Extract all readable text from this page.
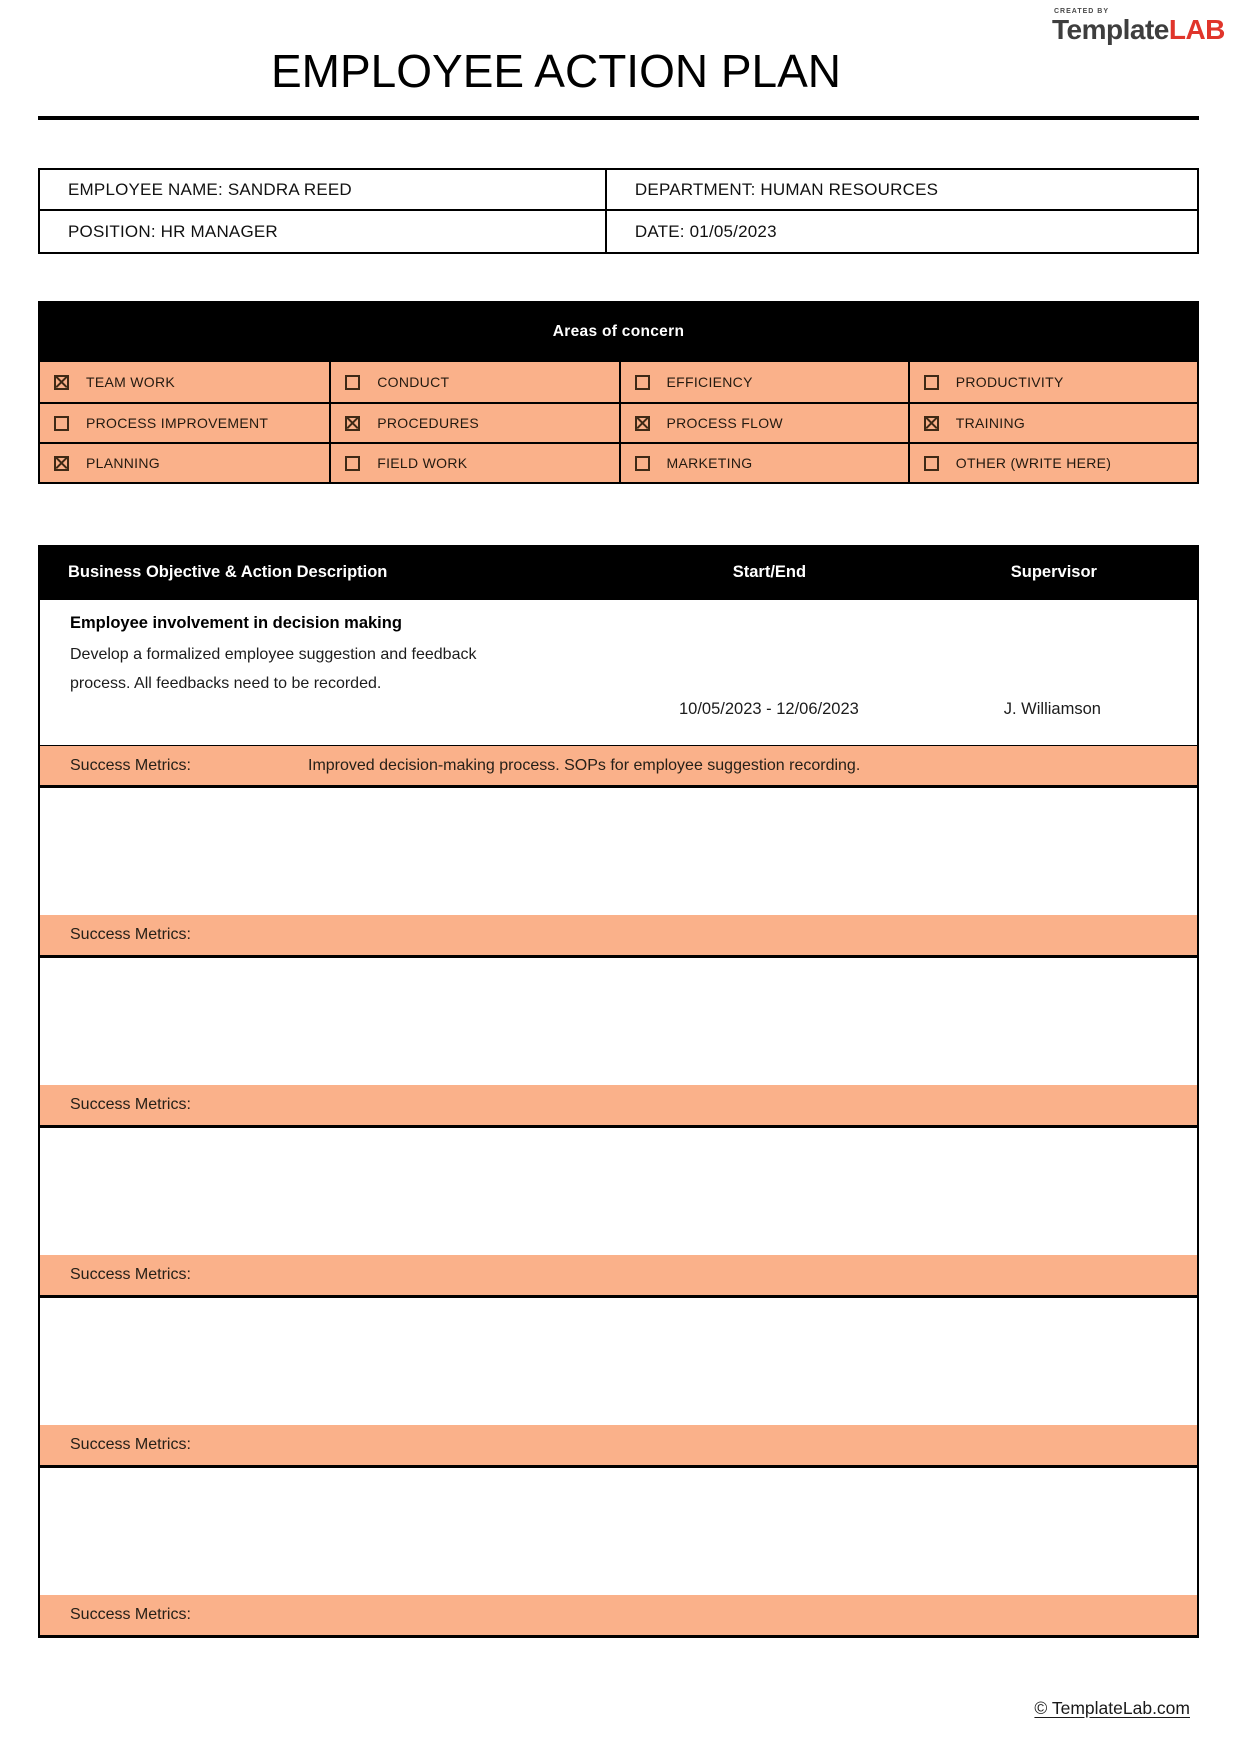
CREATED BY
TemplateLAB
EMPLOYEE ACTION PLAN
EMPLOYEE NAME: SANDRA REED	DEPARTMENT: HUMAN RESOURCES
POSITION: HR MANAGER	DATE: 01/05/2023
Areas of concern
TEAM WORK	CONDUCT	EFFICIENCY	PRODUCTIVITY
PROCESS IMPROVEMENT	PROCEDURES	PROCESS FLOW	TRAINING
PLANNING	FIELD WORK	MARKETING	OTHER (WRITE HERE)
Business Objective & Action Description	Start/End	Supervisor
Employee involvement in decision making
Develop a formalized employee suggestion and feedback process. All feedbacks need to be recorded.
10/05/2023 - 12/06/2023	J. Williamson
Success Metrics:	Improved decision-making process. SOPs for employee suggestion recording.
Success Metrics:
Success Metrics:
Success Metrics:
Success Metrics:
Success Metrics:
© TemplateLab.com
